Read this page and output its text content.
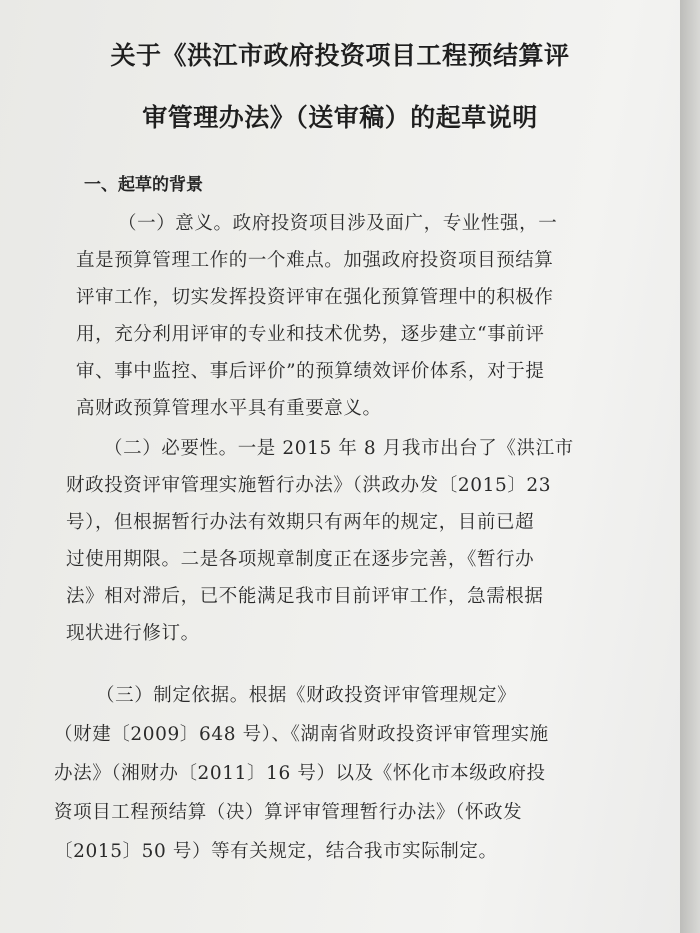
关于《洪江市政府投资项目工程预结算评
审管理办法》（送审稿）的起草说明
一、起草的背景
（一）意义。政府投资项目涉及面广，专业性强，一
直是预算管理工作的一个难点。加强政府投资项目预结算
评审工作，切实发挥投资评审在强化预算管理中的积极作
用，充分利用评审的专业和技术优势，逐步建立“事前评
审、事中监控、事后评价”的预算绩效评价体系，对于提
高财政预算管理水平具有重要意义。
（二）必要性。一是 2015 年 8 月我市出台了《洪江市
财政投资评审管理实施暂行办法》（洪政办发〔2015〕23
号），但根据暂行办法有效期只有两年的规定，目前已超
过使用期限。二是各项规章制度正在逐步完善，《暂行办
法》相对滞后，已不能满足我市目前评审工作，急需根据
现状进行修订。
（三）制定依据。根据《财政投资评审管理规定》
（财建〔2009〕648 号）、《湖南省财政投资评审管理实施
办法》（湘财办〔2011〕16 号）以及《怀化市本级政府投
资项目工程预结算（决）算评审管理暂行办法》（怀政发
〔2015〕50 号）等有关规定，结合我市实际制定。
